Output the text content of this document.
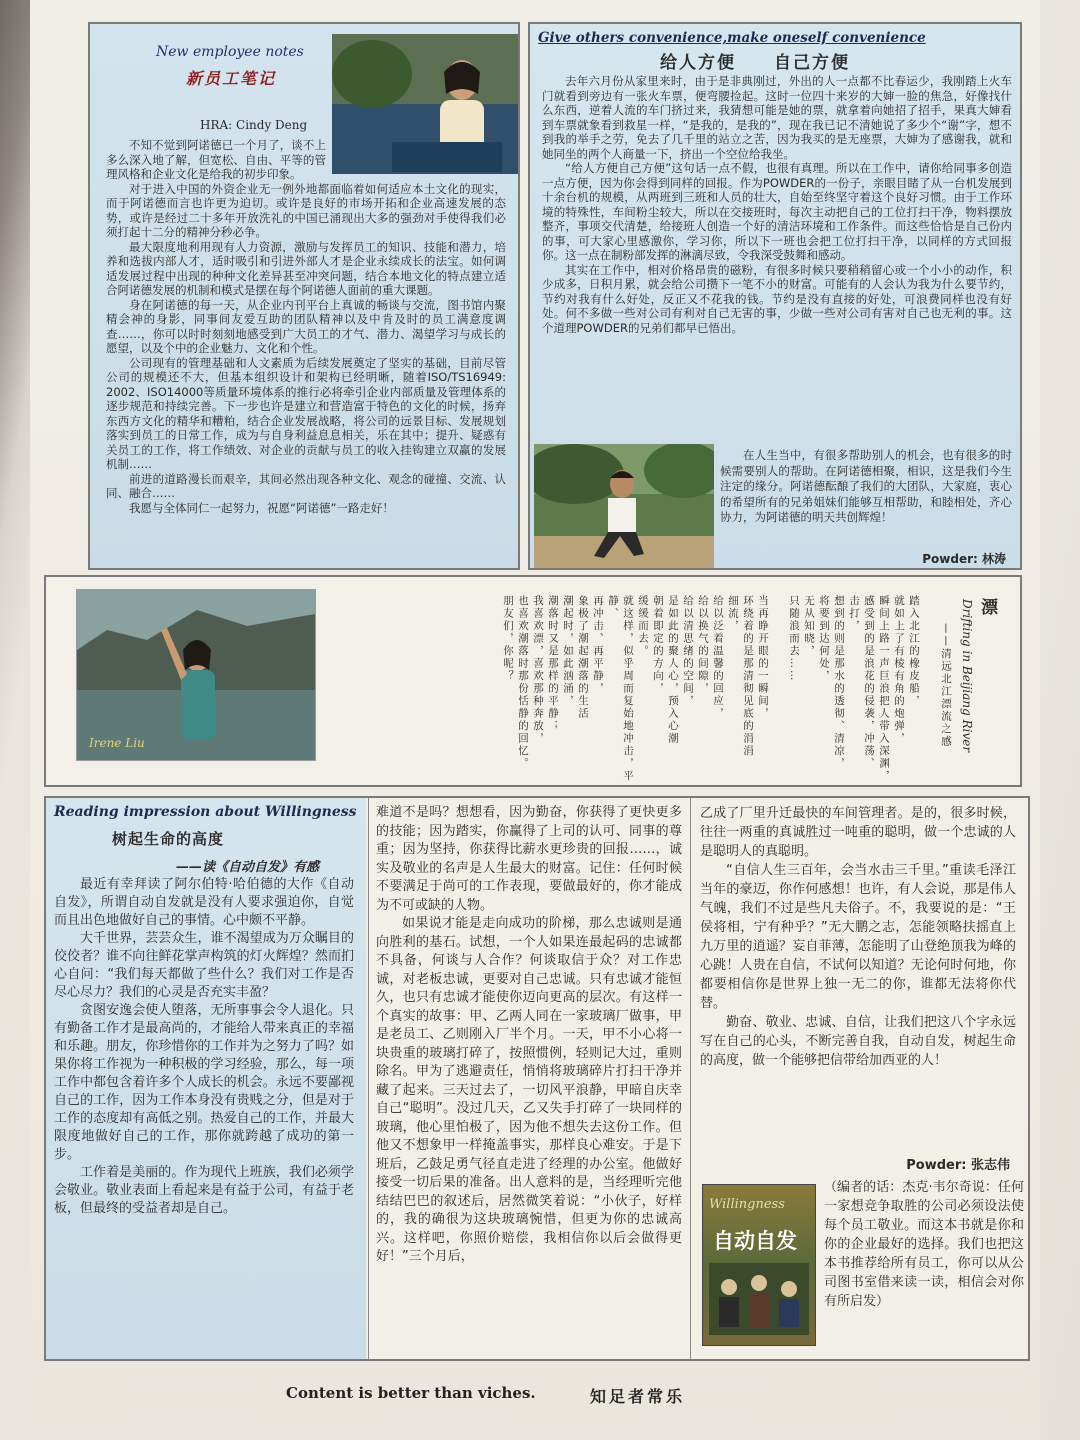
New employee notes
新员工笔记
HRA: Cindy Deng

不知不觉到阿诺德已一个月了，谈不上多么深入地了解，但宽松、自由、平等的管理风格和企业文化是给我的初步印象。

对于进入中国的外资企业无一例外地都面临着如何适应本土文化的现实，而于阿诺德而言也许更为迫切。或许是良好的市场开拓和企业高速发展的态势，或许是经过二十多年开放洗礼的中国已涌现出大多的强劲对手使得我们必须打起十二分的精神分秒必争。

最大限度地利用现有人力资源，激励与发挥员工的知识、技能和潜力，培养和选拔内部人才，适时吸引和引进外部人才是企业永续成长的法宝。如何调适发展过程中出现的种种文化差异甚至冲突问题，结合本地文化的特点建立适合阿诺德发展的机制和模式是摆在每个阿诺德人面前的重大课题。

身在阿诺德的每一天，从企业内刊平台上真诚的畅谈与交流，图书馆内聚精会神的身影，同事间友爱互助的团队精神以及中肯及时的员工满意度调查……，你可以时时刻刻地感受到广大员工的才气、潜力、渴望学习与成长的愿望，以及个中的企业魅力、文化和个性。

公司现有的管理基础和人文素质为后续发展奠定了坚实的基础，目前尽管公司的规模还不大，但基本组织设计和架构已经明晰，随着ISO/TS16949: 2002、ISO14000等质量环境体系的推行必将牵引企业内部质量及管理体系的逐步规范和持续完善。下一步也许是建立和营造富于特色的文化的时候，扬弃东西方文化的精华和糟粕，结合企业发展战略，将公司的远景目标、发展规划落实到员工的日常工作，成为与自身利益息息相关，乐在其中；提升、疑惑有关员工的工作，将工作绩效、对企业的贡献与员工的收入挂钩建立双赢的发展机制……

前进的道路漫长而艰辛，其间必然出现各种文化、观念的碰撞、交流、认同、融合……

我愿与全体同仁一起努力，祝愿“阿诺德”一路走好！

Give others convenience,make oneself convenience
给人方便　　自己方便

去年六月份从家里来时，由于是非典刚过，外出的人一点都不比春运少，我刚踏上火车门就看到旁边有一张火车票，便弯腰捡起。这时一位四十来岁的大婶一脸的焦急，好像找什么东西，逆着人流的车门挤过来，我猜想可能是她的票，就拿着向她招了招手，果真大婶看到车票就象看到救星一样，“是我的，是我的”，现在我已记不清她说了多少个“谢”字，想不到我的举手之劳，免去了几千里的站立之苦，因为我买的是无座票，大婶为了感谢我，就和她同坐的两个人商量一下，挤出一个空位给我坐。

“给人方便自己方便”这句话一点不假，也很有真理。所以在工作中，请你给同事多创造一点方便，因为你会得到同样的回报。作为POWDER的一份子，亲眼目睹了从一台机发展到十余台机的规模，从两班到三班和人员的壮大，自始至终坚守着这个良好习惯。由于工作环境的特殊性，车间粉尘较大，所以在交接班时，每次主动把自己的工位打扫干净，物料摆放整齐，事项交代清楚，给接班人创造一个好的清洁环境和工作条件。而这些恰恰是自己份内的事，可大家心里感激你，学习你，所以下一班也会把工位打扫干净，以同样的方式回报你。这一点在制粉部发挥的淋漓尽致，令我深受鼓舞和感动。

其实在工作中，相对价格昂贵的磁粉，有很多时候只要稍稍留心或一个小小的动作，积少成多，日积月累，就会给公司攒下一笔不小的财富。可能有的人会认为我为什么要节约，节约对我有什么好处，反正又不花我的钱。节约是没有直接的好处，可浪费同样也没有好处。何不多做一些对公司有利对自己无害的事，少做一些对公司有害对自己也无利的事。这个道理POWDER的兄弟们都早已悟出。

在人生当中，有很多帮助别人的机会，也有很多的时候需要别人的帮助。在阿诺德相聚，相识，这是我们今生注定的缘分。阿诺德酝酿了我们的大团队，大家庭，衷心的希望所有的兄弟姐妹们能够互相帮助，和睦相处，齐心协力，为阿诺德的明天共创辉煌！

Powder: 林涛
Irene Liu
踏入北江的橡皮船，
就如上了有棱有角的炮弹，
瞬间上路一声巨浪把人带入深渊，
感受到的是浪花的侵袭，冲荡、
击打，
想到的则是那水的透彻、清凉，
将要到达何处，
无从知晓，
只随浪而去……
当再睁开眼的一瞬间，
环绕着的是那清彻见底的涓涓
细流，
给以泛着温馨的回应，
给以换气的间隙，
给以清思绪的空间，
是如此的聚人心，预入心潮
朝着即定的方向，
缓缓而去。
就这样，似乎周而复始地冲击，平
静、
再冲击、再平静，
象极了潮起潮落的生活
潮起时，如此汹涌，
潮落时又是那样的平静；
我喜欢漂，喜欢那种奔放，
也喜欢潮落时那份恬静的回忆。
朋友们，你呢？	漂
Drifting in Beijiang River
——清远北江漂流之感
Reading impression about Willingness
树起生命的高度
——读《自动自发》有感

最近有幸拜读了阿尔伯特·哈伯德的大作《自动自发》，所谓自动自发就是没有人要求强迫你，自觉而且出色地做好自己的事情。心中颇不平静。

大千世界，芸芸众生，谁不渴望成为万众瞩目的佼佼者？谁不向往鲜花掌声构筑的灯火辉煌？然而扪心自问：“我们每天都做了些什么？我们对工作是否尽心尽力？我们的心灵是否充实丰盈？

贪图安逸会使人堕落，无所事事会令人退化。只有勤备工作才是最高尚的，才能给人带来真正的幸福和乐趣。朋友，你珍惜你的工作并为之努力了吗？如果你将工作视为一种积极的学习经验，那么，每一项工作中都包含着许多个人成长的机会。永远不要鄙视自己的工作，因为工作本身没有贵贱之分，但是对于工作的态度却有高低之别。热爱自己的工作，并最大限度地做好自己的工作，那你就跨越了成功的第一步。

工作着是美丽的。作为现代上班族，我们必须学会敬业。敬业表面上看起来是有益于公司，有益于老板，但最终的受益者却是自己。

难道不是吗？想想看，因为勤奋，你获得了更快更多的技能；因为踏实，你赢得了上司的认可、同事的尊重；因为坚持，你获得比薪水更珍贵的回报……，诚实及敬业的名声是人生最大的财富。记住：任何时候不要满足于尚可的工作表现，要做最好的，你才能成为不可或缺的人物。

如果说才能是走向成功的阶梯，那么忠诚则是通向胜利的基石。试想，一个人如果连最起码的忠诚都不具备，何谈与人合作？何谈取信于众？对工作忠诚，对老板忠诚，更要对自己忠诚。只有忠诚才能恒久，也只有忠诚才能使你迈向更高的层次。有这样一个真实的故事：甲、乙两人同在一家玻璃厂做事，甲是老员工、乙则刚入厂半个月。一天，甲不小心将一块贵重的玻璃打碎了，按照惯例，轻则记大过，重则除名。甲为了逃避责任，悄悄将玻璃碎片打扫干净并藏了起来。三天过去了，一切风平浪静，甲暗自庆幸自己“聪明”。没过几天，乙又失手打碎了一块同样的玻璃，他心里怕极了，因为他不想失去这份工作。但他又不想象甲一样掩盖事实，那样良心难安。于是下班后，乙鼓足勇气径直走进了经理的办公室。他做好接受一切后果的准备。出人意料的是，当经理听完他结结巴巴的叙述后，居然微笑着说：“小伙子，好样的，我的确很为这块玻璃惋惜，但更为你的忠诚高兴。这样吧，你照价赔偿，我相信你以后会做得更好！”三个月后，

乙成了厂里升迁最快的车间管理者。是的，很多时候，往往一两重的真诚胜过一吨重的聪明，做一个忠诚的人是聪明人的真聪明。

“自信人生三百年，会当水击三千里。”重读毛泽江当年的豪迈，你作何感想！也许，有人会说，那是伟人气魄，我们不过是些凡夫俗子。不，我要说的是：“王侯将相，宁有种乎？”无大鹏之志，怎能领略扶摇直上九万里的逍遥？妄自菲薄，怎能明了山登绝顶我为峰的心跳！人贵在自信，不试何以知道？无论何时何地，你都要相信你是世界上独一无二的你，谁都无法将你代替。

勤奋、敬业、忠诚、自信，让我们把这八个字永远写在自己的心头，不断完善自我，自动自发，树起生命的高度，做一个能够把信带给加西亚的人！

Powder: 张志伟
Willingness
自动自发
（编者的话：杰克·韦尔奇说：任何一家想竞争取胜的公司必须设法使每个员工敬业。而这本书就是你和你的企业最好的选择。我们也把这本书推荐给所有员工，你可以从公司图书室借来读一读，相信会对你有所启发）
Content is better than viches.	知足者常乐
